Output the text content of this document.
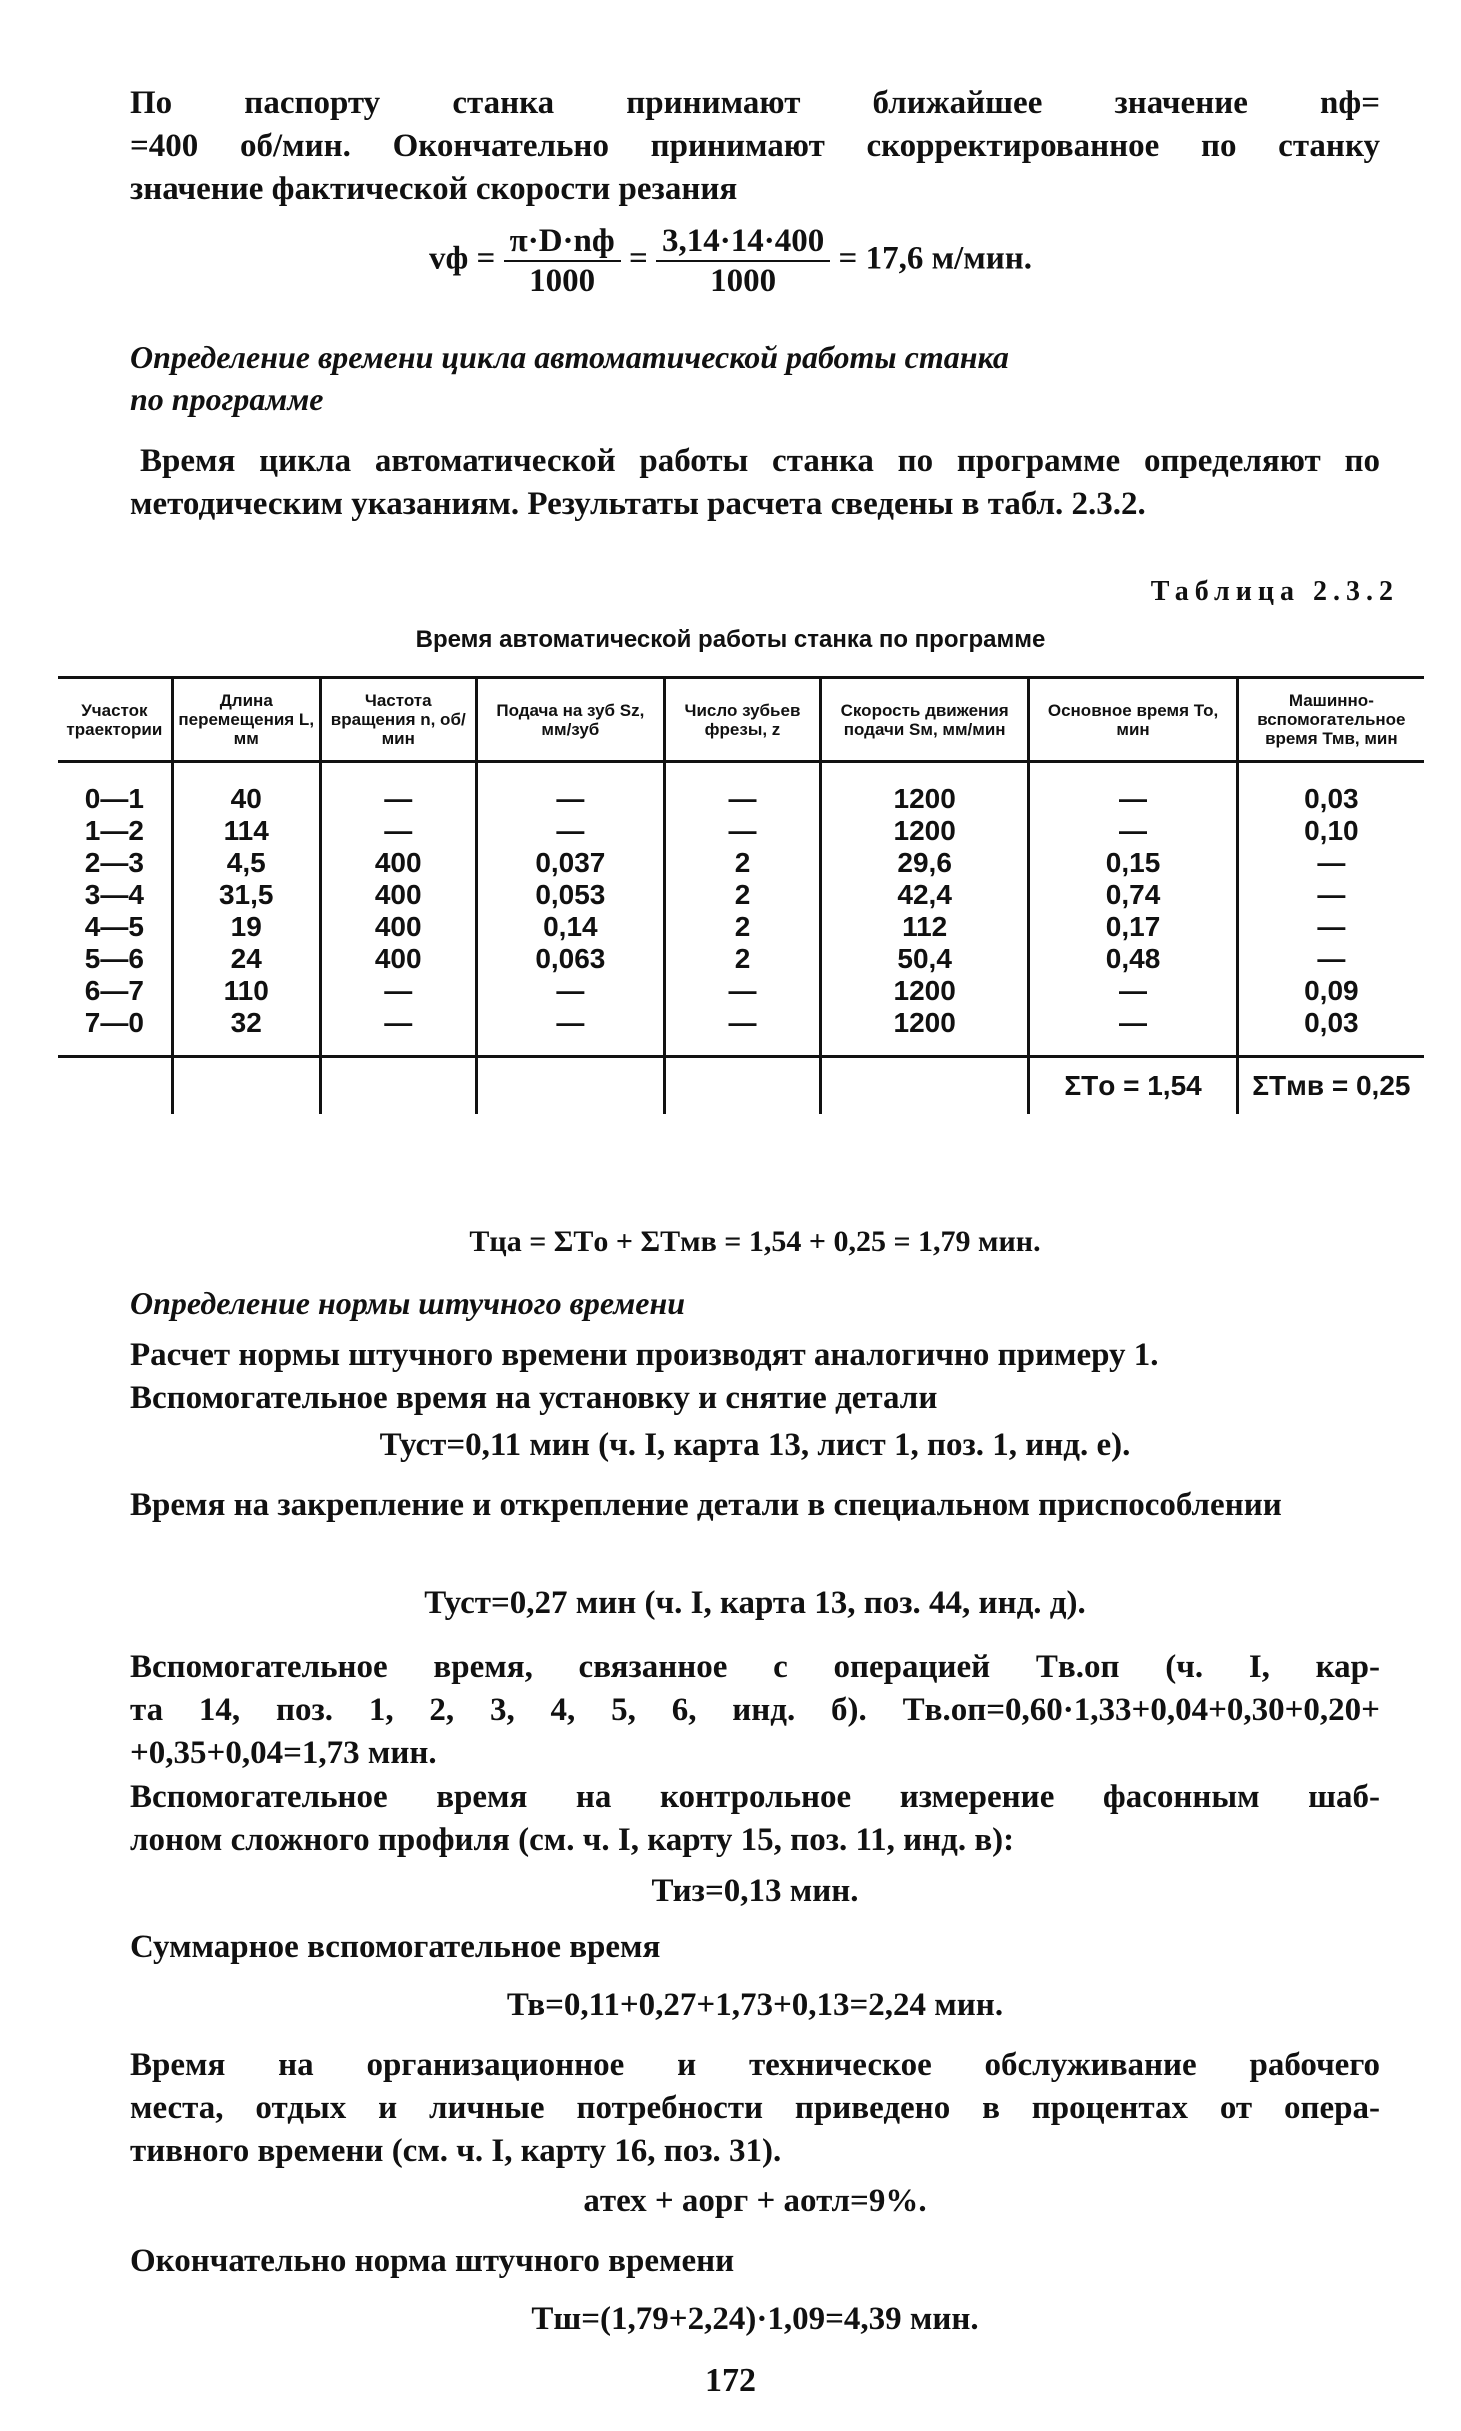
По паспорту станка принимают ближайшее значение nф=
=400 об/мин. Окончательно принимают скорректированное по станку
значение фактической скорости резания
vф = $\frac{\pi\cdot D\cdot nф}{1000} = \frac{3,14\cdot 14\cdot 400}{1000} = 17,6$ м/мин.
Определение времени цикла автоматической работы станка
по программе
Время цикла автоматической работы станка по программе определяют по методическим указаниям. Результаты расчета сведены в табл. 2.3.2.
Таблица 2.3.2
Время автоматической работы станка по программе
Участок траектории	Длина перемещения L, мм	Частота вращения n, об/мин	Подача на зуб Sz, мм/зуб	Число зубьев фрезы, z	Скорость движения подачи Sм, мм/мин	Основное время То, мин	Машинно-вспомогательное время Тмв, мин
0—1	40	—	—	—	1200	—	0,03
1—2	114	—	—	—	1200	—	0,10
2—3	4,5	400	0,037	2	29,6	0,15	—
3—4	31,5	400	0,053	2	42,4	0,74	—
4—5	19	400	0,14	2	112	0,17	—
5—6	24	400	0,063	2	50,4	0,48	—
6—7	110	—	—	—	1200	—	0,09
7—0	32	—	—	—	1200	—	0,03
						ΣTо = 1,54	ΣTмв = 0,25
Tца = ΣTо + ΣTмв = 1,54 + 0,25 = 1,79 мин.
Определение нормы штучного времени
Расчет нормы штучного времени производят аналогично примеру 1.
Вспомогательное время на установку и снятие детали
Туст=0,11 мин (ч. I, карта 13, лист 1, поз. 1, инд. е).
Время на закрепление и открепление детали в специальном приспособлении
Туст=0,27 мин (ч. I, карта 13, поз. 44, инд. д).
Вспомогательное время, связанное с операцией Tв.оп (ч. I, кар-
та 14, поз. 1, 2, 3, 4, 5, 6, инд. б). Tв.оп=0,60·1,33+0,04+0,30+0,20+
+0,35+0,04=1,73 мин.
Вспомогательное время на контрольное измерение фасонным шаб-
лоном сложного профиля (см. ч. I, карту 15, поз. 11, инд. в):
Тиз=0,13 мин.
Суммарное вспомогательное время
Тв=0,11+0,27+1,73+0,13=2,24 мин.
Время на организационное и техническое обслуживание рабочего
места, отдых и личные потребности приведено в процентах от опера-
тивного времени (см. ч. I, карту 16, поз. 31).
aтех + aорг + aотл=9%.
Окончательно норма штучного времени
Tш=(1,79+2,24)·1,09=4,39 мин.
172
